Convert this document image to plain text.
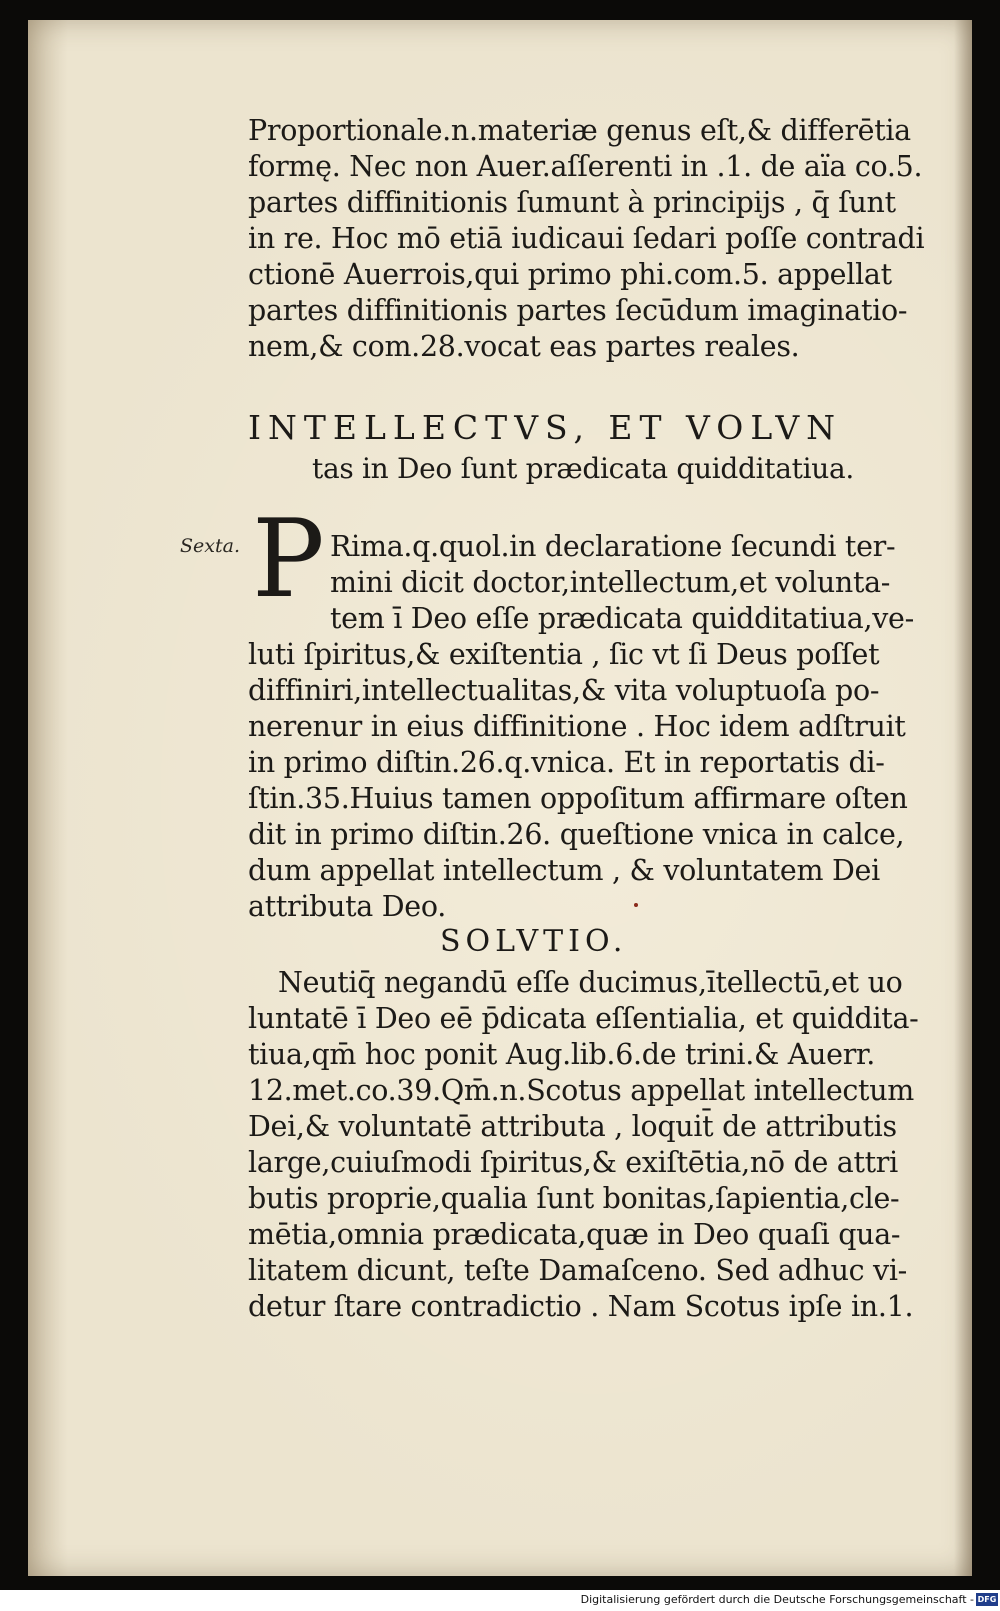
Proportionale.n.materiæ genus eſt,& differētia
formę. Nec non Auer.aſſerenti in .1. de aïa co.5.
partes diffinitionis ſumunt à principijs , q̄ ſunt
in re. Hoc mō etiā iudicaui ſedari poſſe contradi
ctionē Auerrois,qui primo phi.com.5. appellat
partes diffinitionis partes ſecūdum imaginatio-
nem,& com.28.vocat eas partes reales.
INTELLECTVS, ET VOLVN
tas in Deo ſunt prædicata quidditatiua.
Sexta. P Rima.q.quol.in declaratione ſecundi ter-
mini dicit doctor,intellectum,et volunta-
tem ī Deo eſſe prædicata quidditatiua,ve-
luti ſpiritus,& exiſtentia , ſic vt ſi Deus poſſet
diffiniri,intellectualitas,& vita voluptuoſa po-
nerenur in eius diffinitione . Hoc idem adſtruit
in primo diſtin.26.q.vnica. Et in reportatis di-
ſtin.35.Huius tamen oppoſitum affirmare oſten
dit in primo diſtin.26. queſtione vnica in calce,
dum appellat intellectum , & voluntatem Dei
attributa Deo.
SOLVTIO.
Neutiq̄ negandū eſſe ducimus,ītellectū,et uo
luntatē ī Deo eē p̄dicata eſſentialia, et quiddita-
tiua,qm̄ hoc ponit Aug.lib.6.de trini.& Auerr.
12.met.co.39.Qm̄.n.Scotus appellat intellectum
Dei,& voluntatē attributa , loquit̄ de attributis
large,cuiuſmodi ſpiritus,& exiſtētia,nō de attri
butis proprie,qualia ſunt bonitas,ſapientia,cle-
mētia,omnia prædicata,quæ in Deo quaſi qua-
litatem dicunt, teſte Damaſceno. Sed adhuc vi-
detur ſtare contradictio . Nam Scotus ipſe in.1.
Digitalisierung gefördert durch die Deutsche Forschungsgemeinschaft - DFG
